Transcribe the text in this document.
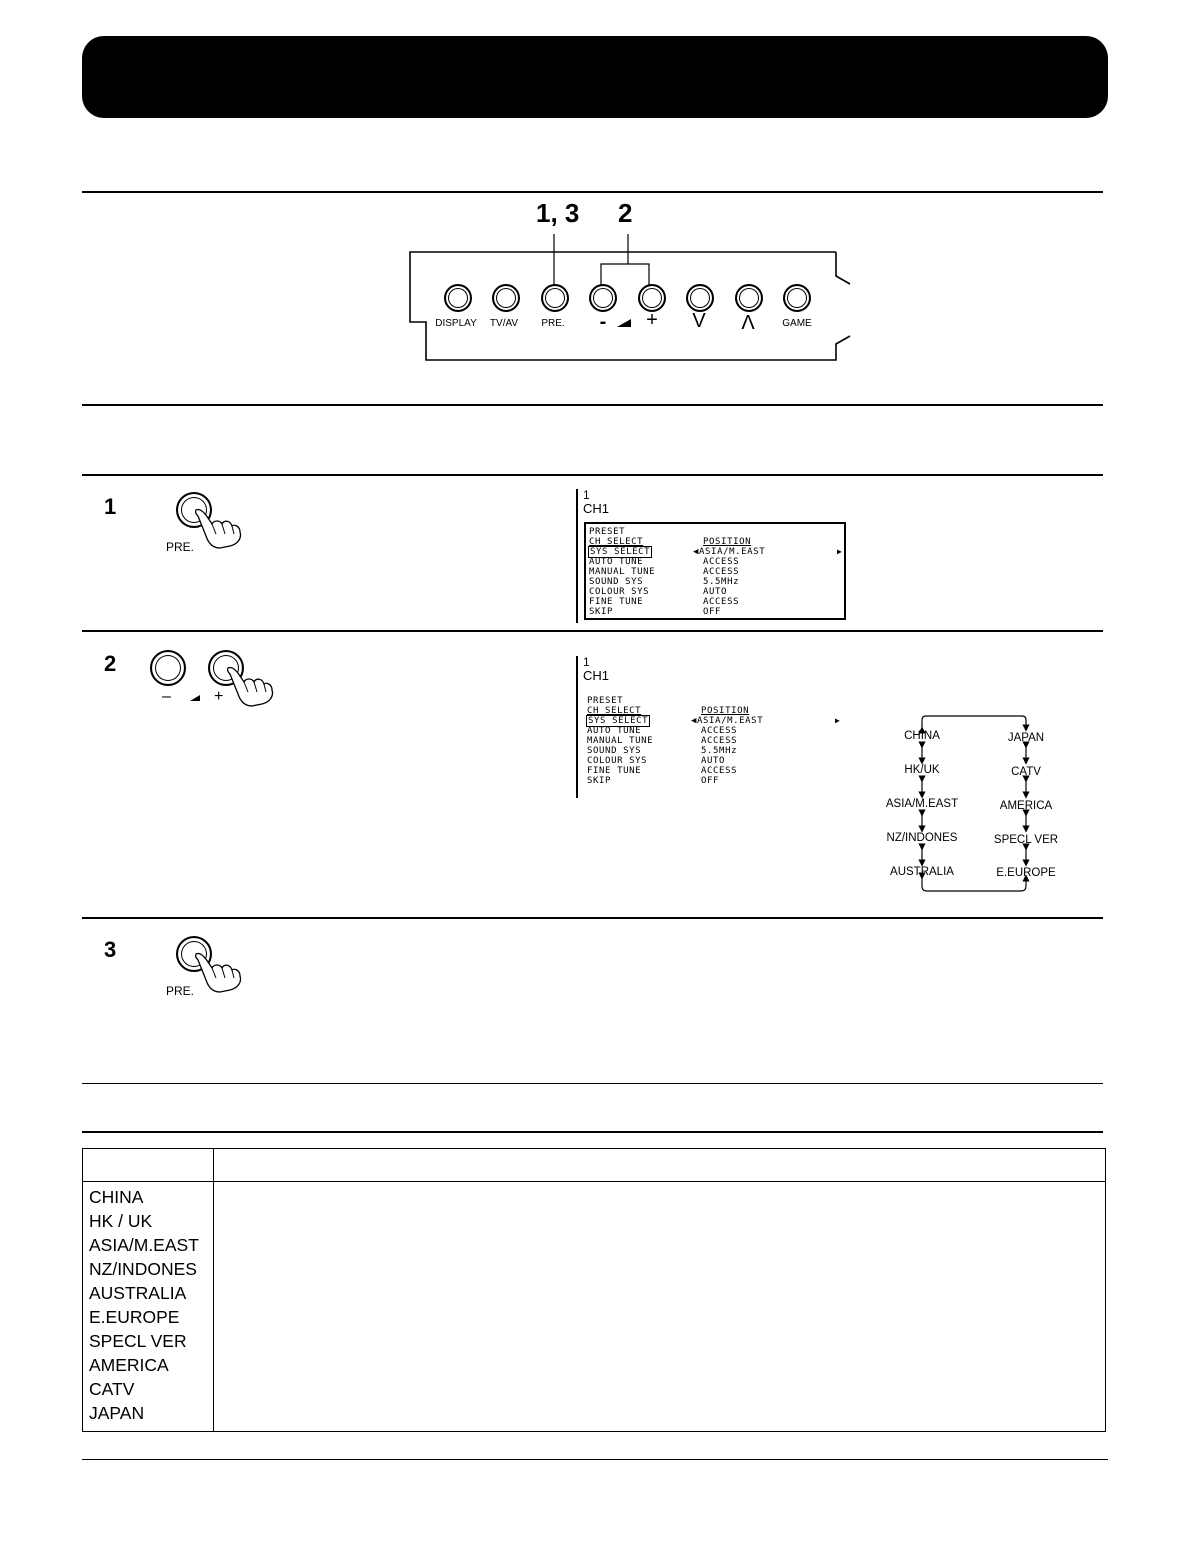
1, 3 2
DISPLAY	TV/AV	PRE.	-	+	V	Λ	GAME
1
PRE.
1
CH1
PRESET
CH SELECT	POSITION
SYS SELECT	◀ASIA/M.EAST	▶
AUTO TUNE	ACCESS
MANUAL TUNE	ACCESS
SOUND SYS	5.5MHz
COLOUR SYS	AUTO
FINE TUNE	ACCESS
SKIP	OFF
2
–	+
1
CH1
PRESET
CH SELECT	POSITION
SYS SELECT	◀ASIA/M.EAST	▶
AUTO TUNE	ACCESS
MANUAL TUNE	ACCESS
SOUND SYS	5.5MHz
COLOUR SYS	AUTO
FINE TUNE	ACCESS
SKIP	OFF
CHINA
HK/UK
ASIA/M.EAST
NZ/INDONES
AUSTRALIA
JAPAN
CATV
AMERICA
SPECL VER
E.EUROPE
3
PRE.
CHINA
HK / UK
ASIA/M.EAST
NZ/INDONES
AUSTRALIA
E.EUROPE
SPECL VER
AMERICA
CATV
JAPAN
